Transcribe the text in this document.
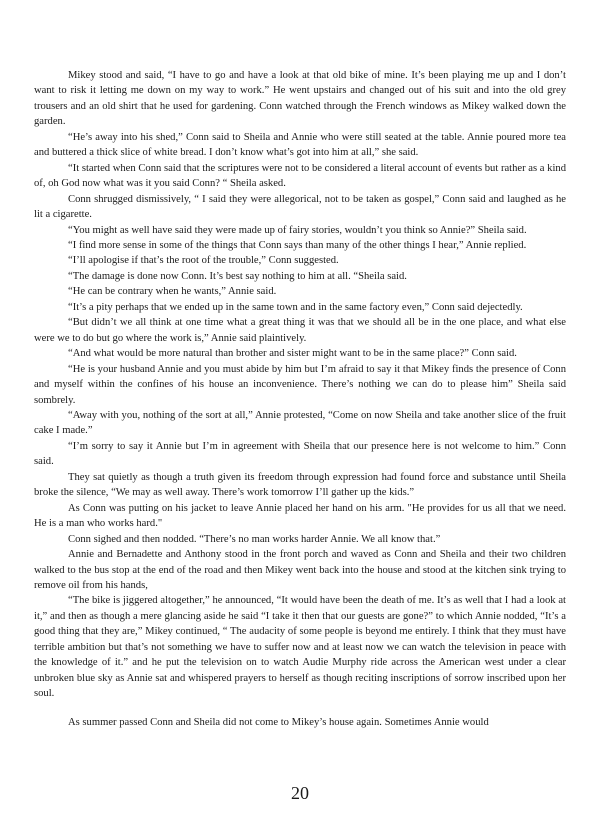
Mikey stood and said, “I have to go and have a look at that old bike of mine. It’s been playing me up and I don’t want to risk it letting me down on my way to work.” He went upstairs and changed out of his suit and into the old grey trousers and an old shirt that he used for gardening. Conn watched through the French windows as Mikey walked down the garden.

“He’s away into his shed,” Conn said to Sheila and Annie who were still seated at the table. Annie poured more tea and buttered a thick slice of white bread. I don’t know what’s got into him at all,” she said.

“It started when Conn said that the scriptures were not to be considered a literal account of events but rather as a kind of, oh God now what was it you said Conn? “ Sheila asked.

Conn shrugged dismissively, “ I said they were allegorical, not to be taken as gospel,” Conn said and laughed as he lit a cigarette.

“You might as well have said they were made up of fairy stories, wouldn’t you think so Annie?” Sheila said.

“I find more sense in some of the things that Conn says than many of the other things I hear,” Annie replied.

“I’ll apologise if that’s the root of the trouble,” Conn suggested.

“The damage is done now Conn. It’s best say nothing to him at all. “Sheila said.

“He can be contrary when he wants,” Annie said.

“It’s a pity perhaps that we ended up in the same town and in the same factory even,” Conn said dejectedly.

“But didn’t we all think at one time what a great thing it was that we should all be in the one place, and what else were we to do but go where the work is,” Annie said plaintively.

“And what would be more natural than brother and sister might want to be in the same place?” Conn said.

“He is your husband Annie and you must abide by him but I’m afraid to say it that Mikey finds the presence of Conn and myself within the confines of his house an inconvenience. There’s nothing we can do to please him” Sheila said sombrely.

“Away with you, nothing of the sort at all,” Annie protested, “Come on now Sheila and take another slice of the fruit cake I made.”

“I’m sorry to say it Annie but I’m in agreement with Sheila that our presence here is not welcome to him.” Conn said.

They sat quietly as though a truth given its freedom through expression had found force and substance until Sheila broke the silence, “We may as well away. There’s work tomorrow I’ll gather up the kids.”

As Conn was putting on his jacket to leave Annie placed her hand on his arm. "He provides for us all that we need. He is a man who works hard."

Conn sighed and then nodded. “There’s no man works harder Annie. We all know that.”

Annie and Bernadette and Anthony stood in the front porch and waved as Conn and Sheila and their two children walked to the bus stop at the end of the road and then Mikey went back into the house and stood at the kitchen sink trying to remove oil from his hands,

“The bike is jiggered altogether,” he announced, “It would have been the death of me. It’s as well that I had a look at it,” and then as though a mere glancing aside he said “I take it then that our guests are gone?” to which Annie nodded, “It’s a good thing that they are,” Mikey continued, “ The audacity of some people is beyond me entirely. I think that they must have terrible ambition but that’s not something we have to suffer now and at least now we can watch the television in peace with the knowledge of it.” and he put the television on to watch Audie Murphy ride across the American west under a clear unbroken blue sky as Annie sat and whispered prayers to herself as though reciting inscriptions of sorrow inscribed upon her soul.

As summer passed Conn and Sheila did not come to Mikey’s house again. Sometimes Annie would

20
